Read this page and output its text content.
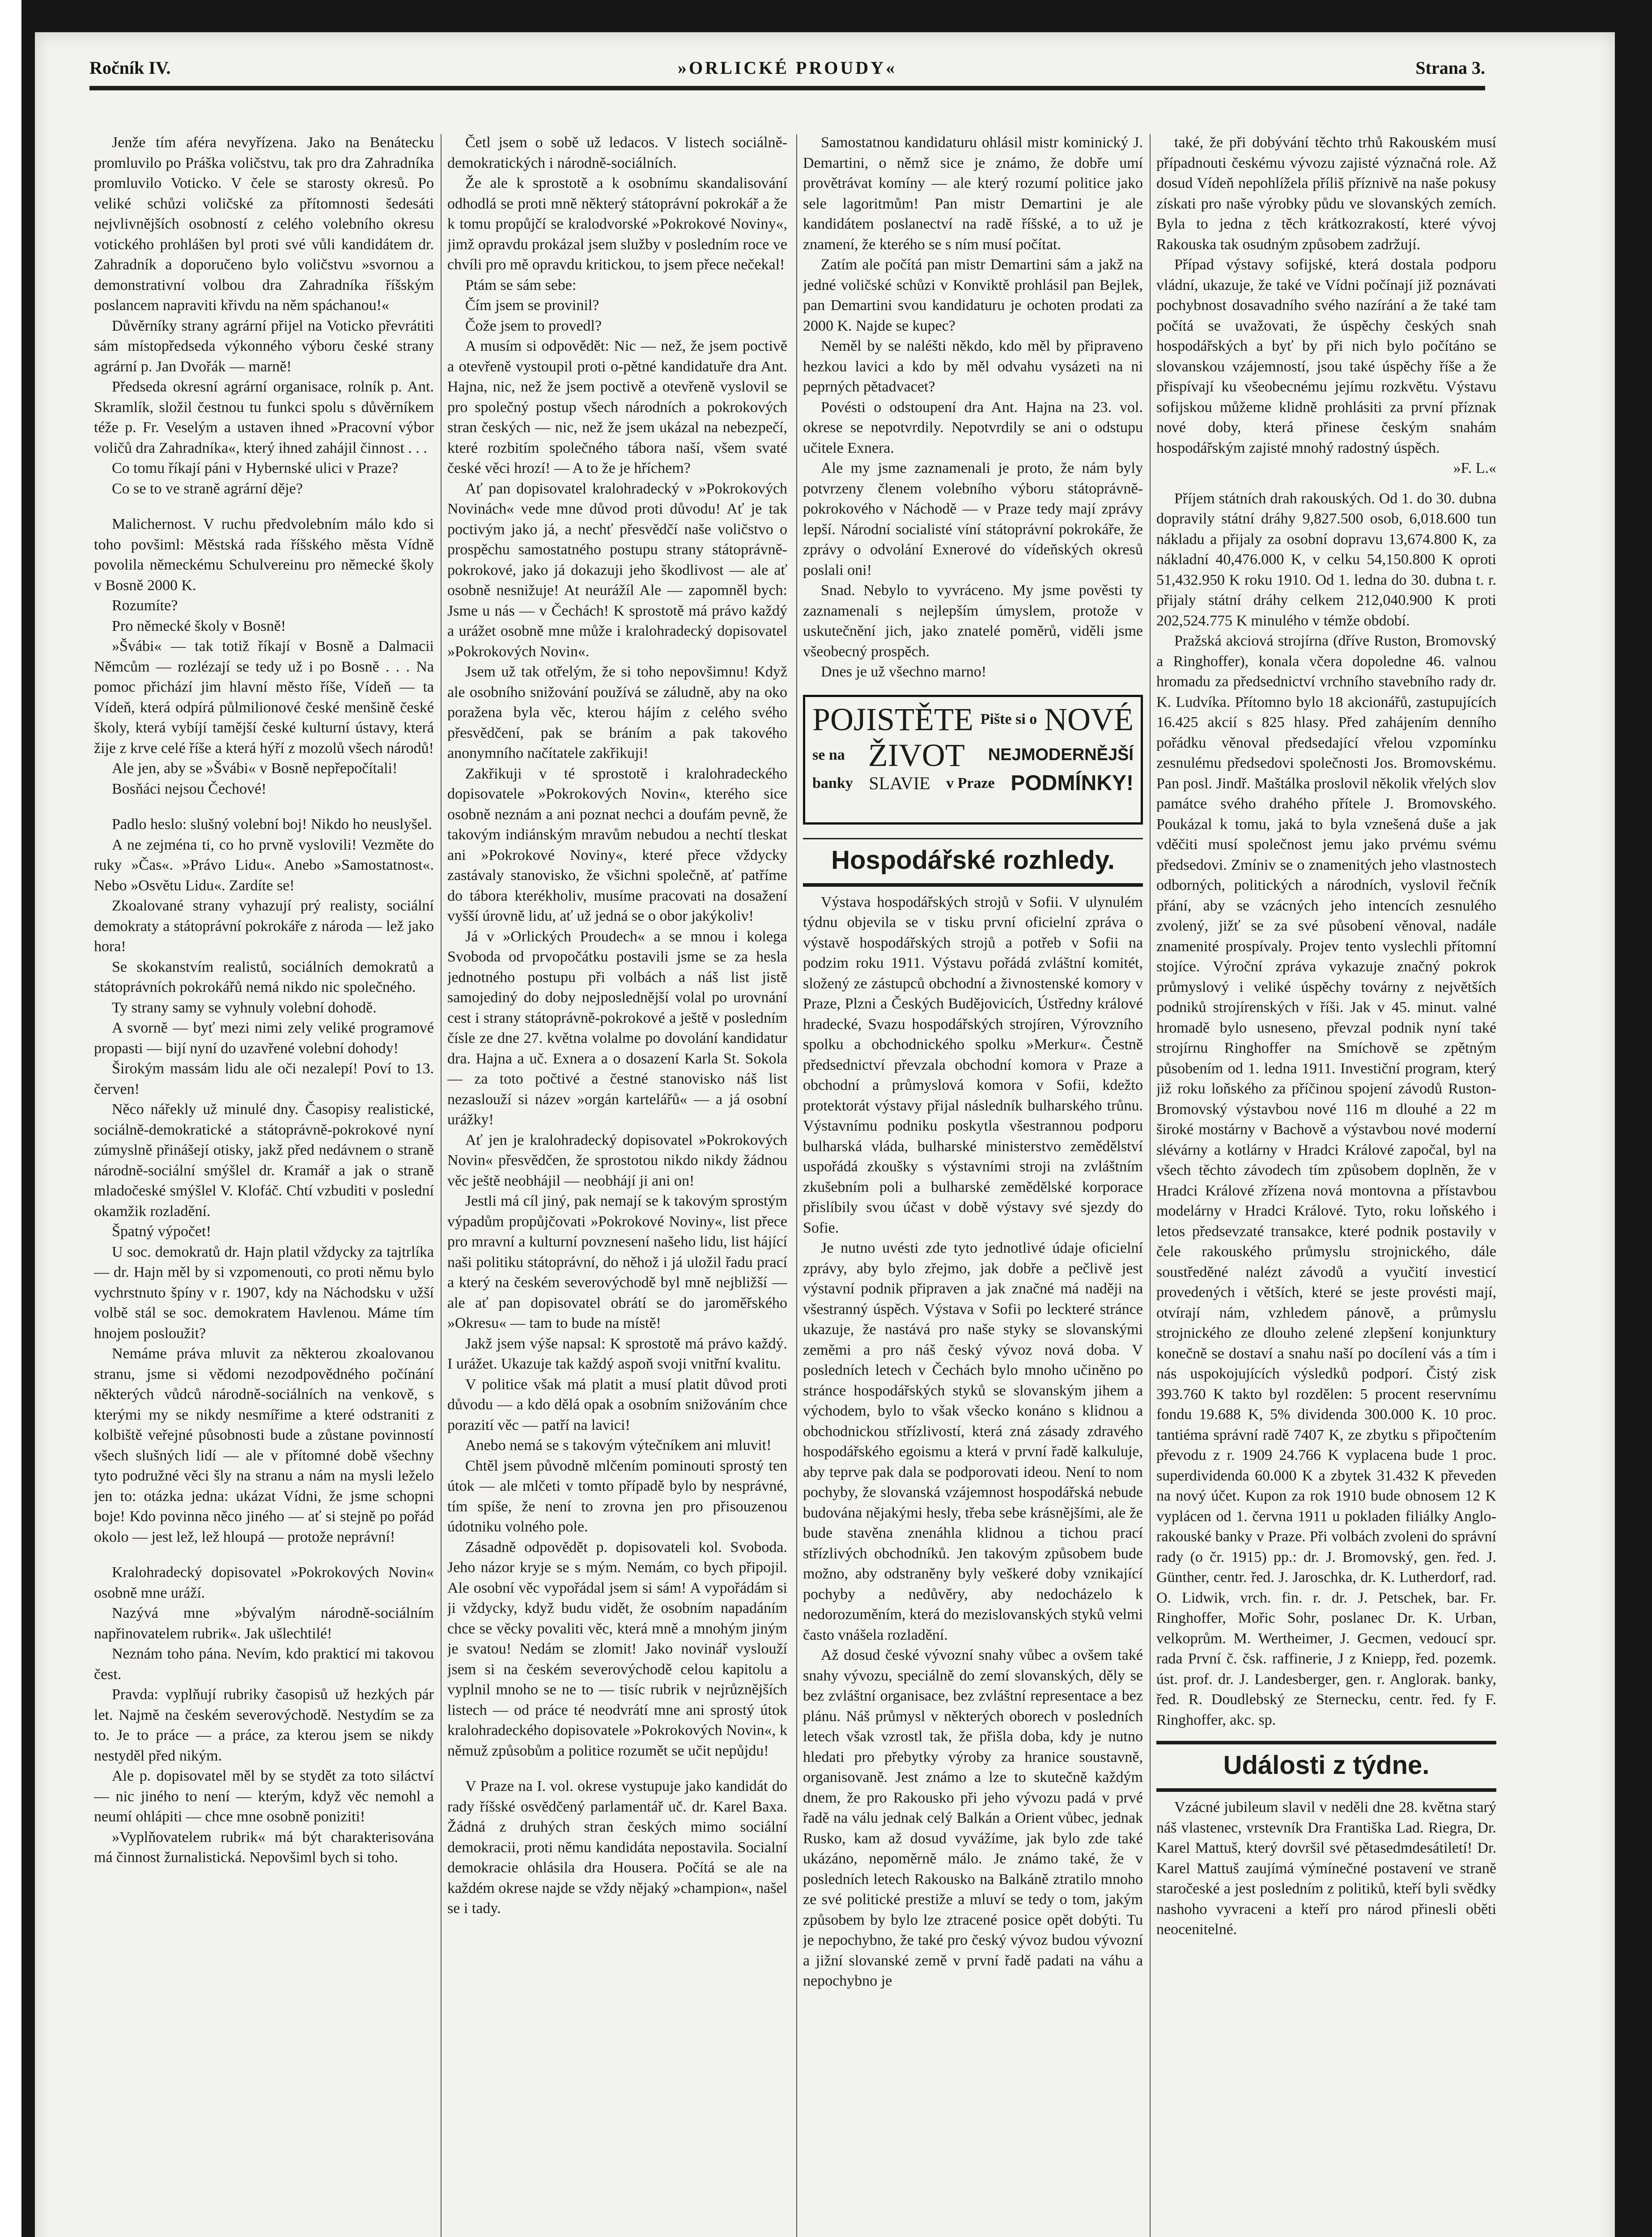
Ročník IV.	»ORLICKÉ PROUDY«	Strana 3.

Jenže tím aféra nevyřízena. Jako na Benátecku promluvilo po Práška voličstvu, tak pro dra Zahradníka promluvilo Voticko. V čele se starosty okresů. Po veliké schůzi voličské za přítomnosti šedesáti nejvlivnějších osobností z celého volebního okresu votického prohlášen byl proti své vůli kandidátem dr. Zahradník a doporučeno bylo voličstvu »svornou a demonstrativní volbou dra Zahradníka říšským poslancem napraviti křivdu na něm spáchanou!«

Důvěrníky strany agrární přijel na Voticko převrátiti sám místopředseda výkonného výboru české strany agrární p. Jan Dvořák — marně!

Předseda okresní agrární organisace, rolník p. Ant. Skramlík, složil čestnou tu funkci spolu s důvěrníkem téže p. Fr. Veselým a ustaven ihned »Pracovní výbor voličů dra Zahradníka«, který ihned zahájil činnost . . .

Co tomu říkají páni v Hybernské ulici v Praze?

Co se to ve straně agrární děje?

Malichernost. V ruchu předvolebním málo kdo si toho povšiml: Městská rada říšského města Vídně povolila německému Schulvereinu pro německé školy v Bosně 2000 K.

Rozumíte?

Pro německé školy v Bosně!

»Švábi« — tak totiž říkají v Bosně a Dalmacii Němcům — rozlézají se tedy už i po Bosně . . . Na pomoc přichází jim hlavní město říše, Vídeň — ta Vídeň, která odpírá půlmilionové české menšině české školy, která vybíjí tamější české kulturní ústavy, která žije z krve celé říše a která hýří z mozolů všech národů!

Ale jen, aby se »Švábi« v Bosně nepřepočítali!

Bosňáci nejsou Čechové!

Padlo heslo: slušný volební boj! Nikdo ho neuslyšel.

A ne zejména ti, co ho prvně vyslovili! Vezměte do ruky »Čas«. »Právo Lidu«. Anebo »Samostatnost«. Nebo »Osvětu Lidu«. Zardíte se!

Zkoalované strany vyhazují prý realisty, sociální demokraty a státoprávní pokrokáře z národa — lež jako hora!

Se skokanstvím realistů, sociálních demokratů a státoprávních pokrokářů nemá nikdo nic společného.

Ty strany samy se vyhnuly volební dohodě.

A svorně — byť mezi nimi zely veliké programové propasti — bijí nyní do uzavřené volební dohody!

Širokým massám lidu ale oči nezalepí! Poví to 13. červen!

Něco nářekly už minulé dny. Časopisy realistické, sociálně-demokratické a státoprávně-pokrokové nyní zúmyslně přinášejí otisky, jakž před nedávnem o straně národně-sociální smýšlel dr. Kramář a jak o straně mladočeské smýšlel V. Klofáč. Chtí vzbuditi v poslední okamžik rozladění.

Špatný výpočet!

U soc. demokratů dr. Hajn platil vždycky za tajtrlíka — dr. Hajn měl by si vzpomenouti, co proti němu bylo vychrstnuto špíny v r. 1907, kdy na Náchodsku v užší volbě stál se soc. demokratem Havlenou. Máme tím hnojem posloužit?

Nemáme práva mluvit za některou zkoalovanou stranu, jsme si vědomi nezodpovědného počínání některých vůdců národně-sociálních na venkově, s kterými my se nikdy nesmířime a které odstraniti z kolbiště veřejné působnosti bude a zůstane povinností všech slušných lidí — ale v přítomné době všechny tyto podružné věci šly na stranu a nám na mysli leželo jen to: otázka jedna: ukázat Vídni, že jsme schopni boje! Kdo povinna něco jiného — ať si stejně po pořád okolo — jest lež, lež hloupá — protože neprávní!

Kralohradecký dopisovatel »Pokrokových Novin« osobně mne uráží.

Nazývá mne »bývalým národně-sociálním napřinovatelem rubrik«. Jak ušlechtilé!

Neznám toho pána. Nevím, kdo prakticí mi takovou čest.

Pravda: vyplňují rubriky časopisů už hezkých pár let. Najmě na českém severovýchodě. Nestydím se za to. Je to práce — a práce, za kterou jsem se nikdy nestyděl před nikým.

Ale p. dopisovatel měl by se stydět za toto siláctví — nic jiného to není — kterým, když věc nemohl a neumí ohlápiti — chce mne osobně poniziti!

»Vyplňovatelem rubrik« má být charakterisována má činnost žurnalistická. Nepovšiml bych si toho.

Četl jsem o sobě už ledacos. V listech sociálně-demokratických i národně-sociálních.

Že ale k sprostotě a k osobnímu skandalisování odhodlá se proti mně některý státoprávní pokrokář a že k tomu propůjčí se kralodvorské »Pokrokové Noviny«, jimž opravdu prokázal jsem služby v posledním roce ve chvíli pro mě opravdu kritickou, to jsem přece nečekal!

Ptám se sám sebe:

Čím jsem se provinil?

Čože jsem to provedl?

A musím si odpovědět: Nic — než, že jsem poctivě a otevřeně vystoupil proti o-pětné kandidatuře dra Ant. Hajna, nic, než že jsem poctivě a otevřeně vyslovil se pro společný postup všech národních a pokrokových stran českých — nic, než že jsem ukázal na nebezpečí, které rozbitím společného tábora naší, všem svaté české věci hrozí! — A to že je hříchem?

Ať pan dopisovatel kralohradecký v »Pokrokových Novinách« vede mne důvod proti důvodu! Ať je tak poctivým jako já, a nechť přesvědčí naše voličstvo o prospěchu samostatného postupu strany státoprávně-pokrokové, jako já dokazuji jeho škodlivost — ale ať osobně nesnižuje! At neurážíl Ale — zapomněl bych: Jsme u nás — v Čechách! K sprostotě má právo každý a urážet osobně mne může i kralohradecký dopisovatel »Pokrokových Novin«.

Jsem už tak otřelým, že si toho nepovšimnu! Když ale osobního snižování používá se záludně, aby na oko poražena byla věc, kterou hájím z celého svého přesvědčení, pak se bráním a pak takového anonymního načítatele zakřikuji!

Zakřikuji v té sprostotě i kralohradeckého dopisovatele »Pokrokových Novin«, kterého sice osobně neznám a ani poznat nechci a doufám pevně, že takovým indiánským mravům nebudou a nechtí tleskat ani »Pokrokové Noviny«, které přece vždycky zastávaly stanovisko, že všichni společně, ať patříme do tábora kterékholiv, musíme pracovati na dosažení vyšší úrovně lidu, ať už jedná se o obor jakýkoliv!

Já v »Orlických Proudech« a se mnou i kolega Svoboda od prvopočátku postavili jsme se za hesla jednotného postupu při volbách a náš list jistě samojediný do doby nejposlednější volal po urovnání cest i strany státoprávně-pokrokové a ještě v posledním čísle ze dne 27. května volalme po dovolání kandidatur dra. Hajna a uč. Exnera a o dosazení Karla St. Sokola — za toto počtivé a čestné stanovisko náš list nezaslouží si název »orgán kartelářů« — a já osobní urážky!

Ať jen je kralohradecký dopisovatel »Pokrokových Novin« přesvědčen, že sprostotou nikdo nikdy žádnou věc ještě neobhájil — neobhájí ji ani on!

Jestli má cíl jiný, pak nemají se k takovým sprostým výpadům propůjčovati »Pokrokové Noviny«, list přece pro mravní a kulturní povznesení našeho lidu, list hájící naši politiku státoprávní, do něhož i já uložil řadu prací a který na českém severovýchodě byl mně nejbližší — ale ať pan dopisovatel obrátí se do jaroměřského »Okresu« — tam to bude na místě!

Jakž jsem výše napsal: K sprostotě má právo každý. I urážet. Ukazuje tak každý aspoň svoji vnitřní kvalitu.

V politice však má platit a musí platit důvod proti důvodu — a kdo dělá opak a osobním snižováním chce porazití věc — patří na lavici!

Anebo nemá se s takovým výtečníkem ani mluvit!

Chtěl jsem původně mlčením pominouti sprostý ten útok — ale mlčeti v tomto případě bylo by nesprávné, tím spíše, že není to zrovna jen pro přisouzenou údotniku volného pole.

Zásadně odpovědět p. dopisovateli kol. Svoboda. Jeho názor kryje se s mým. Nemám, co bych připojil. Ale osobní věc vypořádal jsem si sám! A vypořádám si ji vždycky, když budu vidět, že osobním napadáním chce se věcky povaliti věc, která mně a mnohým jiným je svatou! Nedám se zlomit! Jako novinář vyslouží jsem si na českém severovýchodě celou kapitolu a vyplnil mnoho se ne to — tisíc rubrik v nejrůznějších listech — od práce té neodvrátí mne ani sprostý útok kralohradeckého dopisovatele »Pokrokových Novin«, k němuž způsobům a politice rozumět se učit nepůjdu!

V Praze na I. vol. okrese vystupuje jako kandidát do rady říšské osvědčený parlamentář uč. dr. Karel Baxa. Žádná z druhých stran českých mimo sociální demokracii, proti němu kandidáta nepostavila. Socialní demokracie ohlásila dra Housera. Počítá se ale na každém okrese najde se vždy nějaký »champion«, našel se i tady.

Samostatnou kandidaturu ohlásil mistr kominický J. Demartini, o němž sice je známo, že dobře umí provětrávat komíny — ale který rozumí politice jako sele lagoritmům! Pan mistr Demartini je ale kandidátem poslanectví na radě říšské, a to už je znamení, že kterého se s ním musí počítat.

Zatím ale počítá pan mistr Demartini sám a jakž na jedné voličské schůzi v Konviktě prohlásil pan Bejlek, pan Demartini svou kandidaturu je ochoten prodati za 2000 K. Najde se kupec?

Neměl by se naléšti někdo, kdo měl by připraveno hezkou lavici a kdo by měl odvahu vysázeti na ni peprných pětadvacet?

Povésti o odstoupení dra Ant. Hajna na 23. vol. okrese se nepotvrdily. Nepotvrdily se ani o odstupu učitele Exnera.

Ale my jsme zaznamenali je proto, že nám byly potvrzeny členem volebního výboru státoprávně-pokrokového v Náchodě — v Praze tedy mají zprávy lepší. Národní socialisté víní státoprávní pokrokáře, že zprávy o odvolání Exnerové do vídeňských okresů poslali oni!

Snad. Nebylo to vyvráceno. My jsme pověsti ty zaznamenali s nejlepším úmyslem, protože v uskutečnění jich, jako znatelé poměrů, viděli jsme všeobecný prospěch.

Dnes je už všechno marno!

POJISTĚTE Pište si o NOVÉ
se na ŽIVOT NEJMODERNĚJŠÍ
banky SLAVIE v Praze PODMÍNKY!
Hospodářské rozhledy.

Výstava hospodářských strojů v Sofii. V ulynulém týdnu objevila se v tisku první oficielní zpráva o výstavě hospodářských strojů a potřeb v Sofii na podzim roku 1911. Výstavu pořádá zvláštní komitét, složený ze zástupců obchodní a živnostenské komory v Praze, Plzni a Českých Budějovicích, Ústředny králové hradecké, Svazu hospodářských strojíren, Výrovzního spolku a obchodnického spolku »Merkur«. Čestně předsednictví převzala obchodní komora v Praze a obchodní a průmyslová komora v Sofii, kdežto protektorát výstavy přijal následník bulharského trůnu. Výstavnímu podniku poskytla všestrannou podporu bulharská vláda, bulharské ministerstvo zemědělství uspořádá zkoušky s výstavními stroji na zvláštním zkušebním poli a bulharské zemědělské korporace přislíbily svou účast v době výstavy své sjezdy do Sofie.

Je nutno uvésti zde tyto jednotlivé údaje oficielní zprávy, aby bylo zřejmo, jak dobře a pečlivě jest výstavní podnik připraven a jak značné má naději na všestranný úspěch. Výstava v Sofii po leckteré stránce ukazuje, že nastává pro naše styky se slovanskými zeměmi a pro náš český vývoz nová doba. V posledních letech v Čechách bylo mnoho učiněno po stránce hospodářských styků se slovanským jihem a východem, bylo to však všecko konáno s klidnou a obchodnickou střízlivostí, která zná zásady zdravého hospodářského egoismu a která v první řadě kalkuluje, aby teprve pak dala se podporovati ideou. Není to nom pochyby, že slovanská vzájemnost hospodářská nebude budována nějakými hesly, třeba sebe krásnějšími, ale že bude stavěna znenáhla klidnou a tichou prací střízlivých obchodníků. Jen takovým způsobem bude možno, aby odstraněny byly veškeré doby vznikající pochyby a nedůvěry, aby nedocházelo k nedorozuměním, která do mezislovanských styků velmi často vnášela rozladění.

Až dosud české vývozní snahy vůbec a ovšem také snahy vývozu, speciálně do zemí slovanských, děly se bez zvláštní organisace, bez zvláštní representace a bez plánu. Náš průmysl v některých oborech v posledních letech však vzrostl tak, že přišla doba, kdy je nutno hledati pro přebytky výroby za hranice soustavně, organisovaně. Jest známo a lze to skutečně každým dnem, že pro Rakousko při jeho vývozu padá v prvé řadě na válu jednak celý Balkán a Orient vůbec, jednak Rusko, kam až dosud vyvážíme, jak bylo zde také ukázáno, nepoměrně málo. Je známo také, že v posledních letech Rakousko na Balkáně ztratilo mnoho ze své politické prestiže a mluví se tedy o tom, jakým způsobem by bylo lze ztracené posice opět dobýti. Tu je nepochybno, že také pro český vývoz budou vývozní a jižní slovanské země v první řadě padati na váhu a nepochybno je

také, že při dobývání těchto trhů Rakouském musí případnouti českému vývozu zajisté význačná role. Až dosud Vídeň nepohlížela příliš příznivě na naše pokusy získati pro naše výrobky půdu ve slovanských zemích. Byla to jedna z těch krátkozrakostí, které vývoj Rakouska tak osudným způsobem zadržují.

Případ výstavy sofijské, která dostala podporu vládní, ukazuje, že také ve Vídni počínají již poznávati pochybnost dosavadního svého nazírání a že také tam počítá se uvažovati, že úspěchy českých snah hospodářských a byť by při nich bylo počítáno se slovanskou vzájemností, jsou také úspěchy říše a že přispívají ku všeobecnému jejímu rozkvětu. Výstavu sofijskou můžeme klidně prohlásiti za první příznak nové doby, která přinese českým snahám hospodářským zajisté mnohý radostný úspěch.

»F. L.«

Příjem státních drah rakouských. Od 1. do 30. dubna dopravily státní dráhy 9,827.500 osob, 6,018.600 tun nákladu a přijaly za osobní dopravu 13,674.800 K, za nákladní 40,476.000 K, v celku 54,150.800 K oproti 51,432.950 K roku 1910. Od 1. ledna do 30. dubna t. r. přijaly státní dráhy celkem 212,040.900 K proti 202,524.775 K minulého v témže období.

Pražská akciová strojírna (dříve Ruston, Bromovský a Ringhoffer), konala včera dopoledne 46. valnou hromadu za předsednictví vrchního stavebního rady dr. K. Ludvíka. Přítomno bylo 18 akcionářů, zastupujících 16.425 akcií s 825 hlasy. Před zahájením denního pořádku věnoval předsedající vřelou vzpomínku zesnulému předsedovi společnosti Jos. Bromovskému. Pan posl. Jindř. Maštálka proslovil několik vřelých slov památce svého drahého přítele J. Bromovského. Poukázal k tomu, jaká to byla vznešená duše a jak vděčiti musí společnost jemu jako prvému svému předsedovi. Zmíniv se o znamenitých jeho vlastnostech odborných, politických a národních, vyslovil řečník přání, aby se vzácných jeho intencích zesnulého zvolený, jižť se za své působení věnoval, nadále znamenité prospívaly. Projev tento vyslechli přítomní stojíce. Výroční zpráva vykazuje značný pokrok průmyslový i veliké úspěchy továrny z největších podniků strojírenských v říši. Jak v 45. minut. valné hromadě bylo usneseno, převzal podnik nyní také strojírnu Ringhoffer na Smíchově se zpětným působením od 1. ledna 1911. Investiční program, který již roku loňského za příčinou spojení závodů Ruston-Bromovský výstavbou nové 116 m dlouhé a 22 m široké mostárny v Bachově a výstavbou nové moderní slévárny a kotlárny v Hradci Králové započal, byl na všech těchto závodech tím způsobem doplněn, že v Hradci Králové zřízena nová montovna a přístavbou modelárny v Hradci Králové. Tyto, roku loňského i letos předsevzaté transakce, které podnik postavily v čele rakouského průmyslu strojnického, dále soustředěné nalézt závodů a vyučití investicí provedených i větších, které se jeste provésti mají, otvírají nám, vzhledem pánově, a průmyslu strojnického ze dlouho zelené zlepšení konjunktury konečně se dostaví a snahu naší po docílení vás a tím i nás uspokojujících výsledků podporí. Čistý zisk 393.760 K takto byl rozdělen: 5 procent reservnímu fondu 19.688 K, 5% dividenda 300.000 K. 10 proc. tantiéma správní radě 7407 K, ze zbytku s připočtením převodu z r. 1909 24.766 K vyplacena bude 1 proc. superdividenda 60.000 K a zbytek 31.432 K převeden na nový účet. Kupon za rok 1910 bude obnosem 12 K vyplácen od 1. června 1911 u pokladen filiálky Anglo-rakouské banky v Praze. Při volbách zvoleni do správní rady (o čr. 1915) pp.: dr. J. Bromovský, gen. řed. J. Günther, centr. řed. J. Jaroschka, dr. K. Lutherdorf, rad. O. Lidwik, vrch. fin. r. dr. J. Petschek, bar. Fr. Ringhoffer, Mořic Sohr, poslanec Dr. K. Urban, velkoprům. M. Wertheimer, J. Gecmen, vedoucí spr. rada První č. čsk. raffinerie, J z Kniepp, řed. pozemk. úst. prof. dr. J. Landesberger, gen. r. Anglorak. banky, řed. R. Doudlebský ze Sternecku, centr. řed. fy F. Ringhoffer, akc. sp.

Události z týdne.

Vzácné jubileum slavil v neděli dne 28. května starý náš vlastenec, vrstevník Dra Františka Lad. Riegra, Dr. Karel Mattuš, který dovršil své pětasedmdesátiletí! Dr. Karel Mattuš zaujímá výmínečné postavení ve straně staročeské a jest posledním z politiků, kteří byli svědky nashoho vyvraceni a kteří pro národ přinesli oběti neocenitelné.
